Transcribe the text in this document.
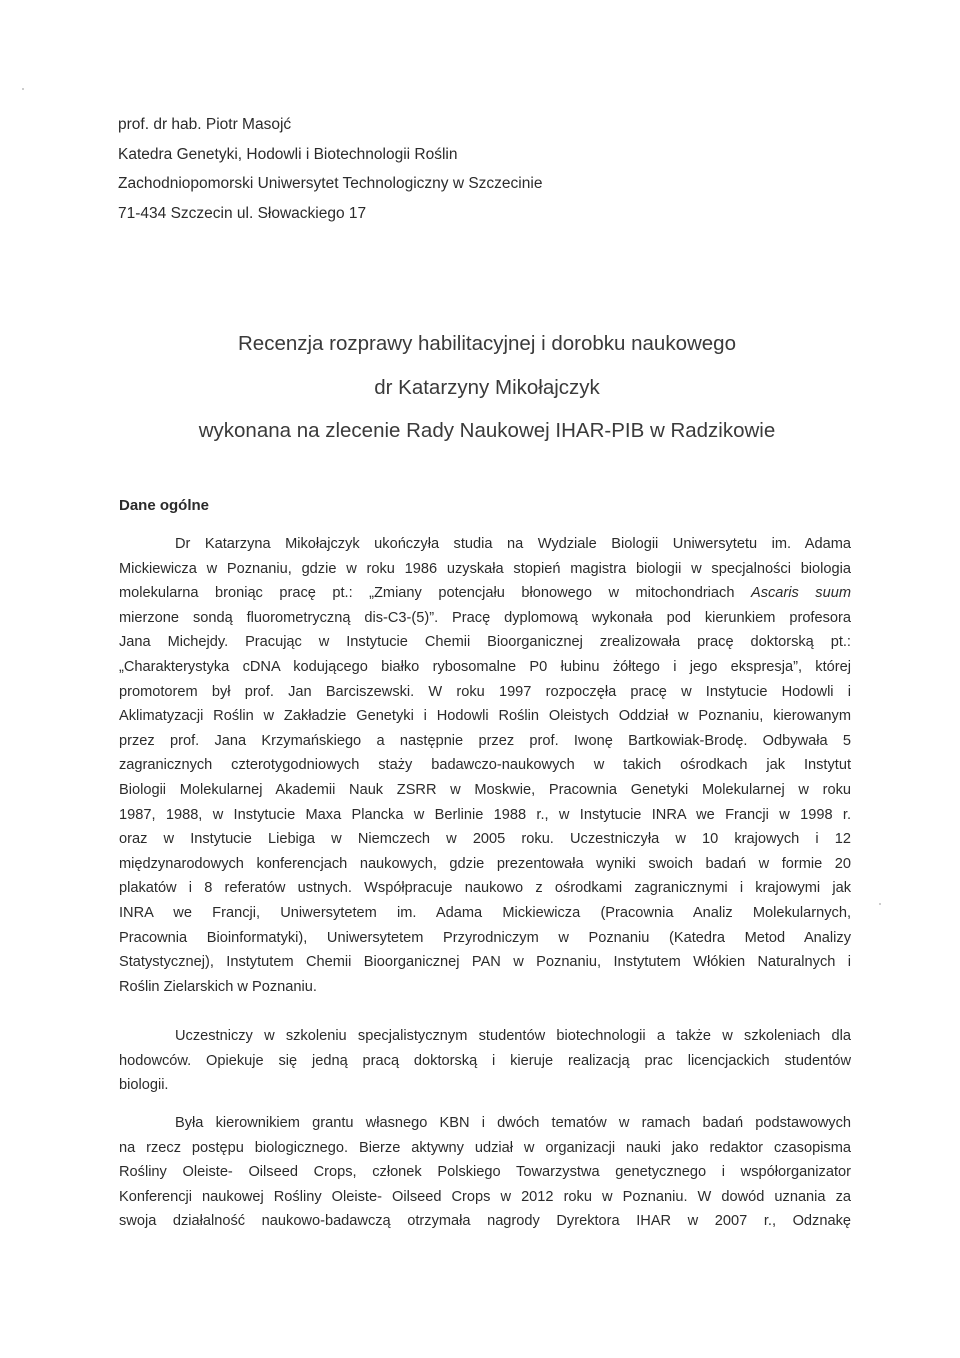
prof. dr hab. Piotr Masojć
Katedra Genetyki, Hodowli i Biotechnologii Roślin
Zachodniopomorski Uniwersytet Technologiczny w Szczecinie
71-434 Szczecin ul. Słowackiego 17
Recenzja rozprawy habilitacyjnej i dorobku naukowego
dr Katarzyny Mikołajczyk
wykonana na zlecenie Rady Naukowej IHAR-PIB w Radzikowie
Dane ogólne
Dr Katarzyna Mikołajczyk ukończyła studia na Wydziale Biologii Uniwersytetu im. Adama
Mickiewicza w Poznaniu, gdzie w roku 1986 uzyskała stopień magistra biologii w specjalności biologia
molekularna broniąc pracę pt.: „Zmiany potencjału błonowego w mitochondriach Ascaris suum
mierzone sondą fluorometryczną dis-C3-(5)”. Pracę dyplomową wykonała pod kierunkiem profesora
Jana Michejdy. Pracując w Instytucie Chemii Bioorganicznej zrealizowała pracę doktorską pt.:
„Charakterystyka cDNA kodującego białko rybosomalne P0 łubinu żółtego i jego ekspresja”, której
promotorem był prof. Jan Barciszewski. W roku 1997 rozpoczęła pracę w Instytucie Hodowli i
Aklimatyzacji Roślin w Zakładzie Genetyki i Hodowli Roślin Oleistych Oddział w Poznaniu, kierowanym
przez prof. Jana Krzymańskiego a następnie przez prof. Iwonę Bartkowiak-Brodę. Odbywała 5
zagranicznych czterotygodniowych staży badawczo-naukowych w takich ośrodkach jak Instytut
Biologii Molekularnej Akademii Nauk ZSRR w Moskwie, Pracownia Genetyki Molekularnej w roku
1987, 1988, w Instytucie Maxa Plancka w Berlinie 1988 r., w Instytucie INRA we Francji w 1998 r.
oraz w Instytucie Liebiga w Niemczech w 2005 roku. Uczestniczyła w 10 krajowych i 12
międzynarodowych konferencjach naukowych, gdzie prezentowała wyniki swoich badań w formie 20
plakatów i 8 referatów ustnych. Współpracuje naukowo z ośrodkami zagranicznymi i krajowymi jak
INRA we Francji, Uniwersytetem im. Adama Mickiewicza (Pracownia Analiz Molekularnych,
Pracownia Bioinformatyki), Uniwersytetem Przyrodniczym w Poznaniu (Katedra Metod Analizy
Statystycznej), Instytutem Chemii Bioorganicznej PAN w Poznaniu, Instytutem Włókien Naturalnych i
Roślin Zielarskich w Poznaniu.
Uczestniczy w szkoleniu specjalistycznym studentów biotechnologii a także w szkoleniach dla
hodowców. Opiekuje się jedną pracą doktorską i kieruje realizacją prac licencjackich studentów
biologii.
Była kierownikiem grantu własnego KBN i dwóch tematów w ramach badań podstawowych
na rzecz postępu biologicznego. Bierze aktywny udział w organizacji nauki jako redaktor czasopisma
Rośliny Oleiste- Oilseed Crops, członek Polskiego Towarzystwa genetycznego i współorganizator
Konferencji naukowej Rośliny Oleiste- Oilseed Crops w 2012 roku w Poznaniu. W dowód uznania za
swoja działalność naukowo-badawczą otrzymała nagrody Dyrektora IHAR w 2007 r., Odznakę
